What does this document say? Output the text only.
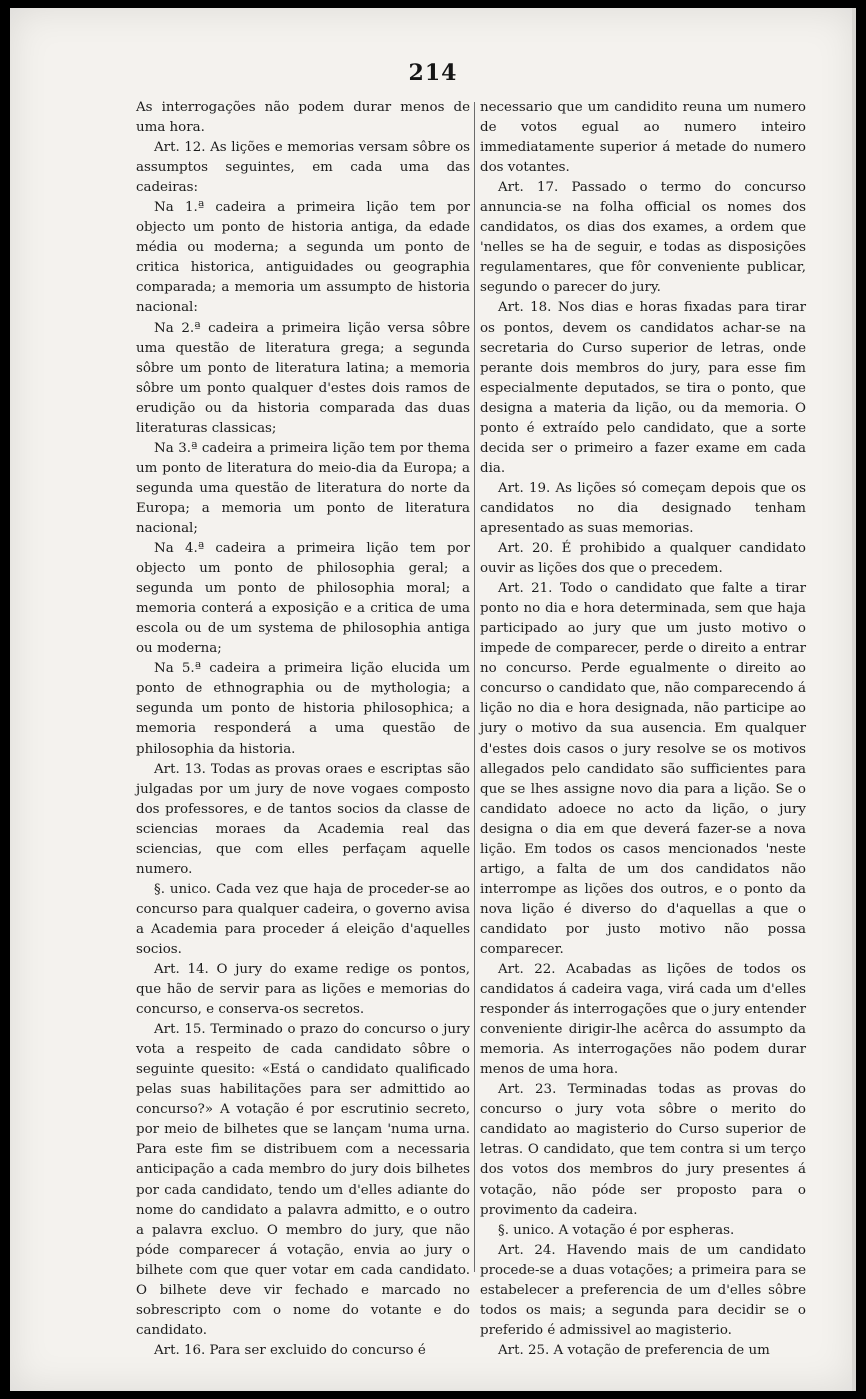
214

As interrogações não podem durar menos de uma hora.

Art. 12. As lições e memorias versam sôbre os assumptos seguintes, em cada uma das cadeiras:

Na 1.ª cadeira a primeira lição tem por objecto um ponto de historia antiga, da edade média ou moderna; a segunda um ponto de critica historica, antiguidades ou geographia comparada; a memoria um assumpto de historia nacional:

Na 2.ª cadeira a primeira lição versa sôbre uma questão de literatura grega; a segunda sôbre um ponto de literatura latina; a memoria sôbre um ponto qualquer d'estes dois ramos de erudição ou da historia comparada das duas literaturas classicas;

Na 3.ª cadeira a primeira lição tem por thema um ponto de literatura do meio-dia da Europa; a segunda uma questão de literatura do norte da Europa; a memoria um ponto de literatura nacional;

Na 4.ª cadeira a primeira lição tem por objecto um ponto de philosophia geral; a segunda um ponto de philosophia moral; a memoria conterá a exposição e a critica de uma escola ou de um systema de philosophia antiga ou moderna;

Na 5.ª cadeira a primeira lição elucida um ponto de ethnographia ou de mythologia; a segunda um ponto de historia philosophica; a memoria responderá a uma questão de philosophia da historia.

Art. 13. Todas as provas oraes e escriptas são julgadas por um jury de nove vogaes composto dos professores, e de tantos socios da classe de sciencias moraes da Academia real das sciencias, que com elles perfaçam aquelle numero.

§. unico. Cada vez que haja de proceder-se ao concurso para qualquer cadeira, o governo avisa a Academia para proceder á eleição d'aquelles socios.

Art. 14. O jury do exame redige os pontos, que hão de servir para as lições e memorias do concurso, e conserva-os secretos.

Art. 15. Terminado o prazo do concurso o jury vota a respeito de cada candidato sôbre o seguinte quesito: «Está o candidato qualificado pelas suas habilitações para ser admittido ao concurso?» A votação é por escrutinio secreto, por meio de bilhetes que se lançam 'numa urna. Para este fim se distribuem com a necessaria anticipação a cada membro do jury dois bilhetes por cada candidato, tendo um d'elles adiante do nome do candidato a palavra admitto, e o outro a palavra excluo. O membro do jury, que não póde comparecer á votação, envia ao jury o bilhete com que quer votar em cada candidato. O bilhete deve vir fechado e marcado no sobrescripto com o nome do votante e do candidato.

Art. 16. Para ser excluido do concurso é

necessario que um candidito reuna um numero de votos egual ao numero inteiro immediatamente superior á metade do numero dos votantes.

Art. 17. Passado o termo do concurso annuncia-se na folha official os nomes dos candidatos, os dias dos exames, a ordem que 'nelles se ha de seguir, e todas as disposições regulamentares, que fôr conveniente publicar, segundo o parecer do jury.

Art. 18. Nos dias e horas fixadas para tirar os pontos, devem os candidatos achar-se na secretaria do Curso superior de letras, onde perante dois membros do jury, para esse fim especialmente deputados, se tira o ponto, que designa a materia da lição, ou da memoria. O ponto é extraído pelo candidato, que a sorte decida ser o primeiro a fazer exame em cada dia.

Art. 19. As lições só começam depois que os candidatos no dia designado tenham apresentado as suas memorias.

Art. 20. É prohibido a qualquer candidato ouvir as lições dos que o precedem.

Art. 21. Todo o candidato que falte a tirar ponto no dia e hora determinada, sem que haja participado ao jury que um justo motivo o impede de comparecer, perde o direito a entrar no concurso. Perde egualmente o direito ao concurso o candidato que, não comparecendo á lição no dia e hora designada, não participe ao jury o motivo da sua ausencia. Em qualquer d'estes dois casos o jury resolve se os motivos allegados pelo candidato são sufficientes para que se lhes assigne novo dia para a lição. Se o candidato adoece no acto da lição, o jury designa o dia em que deverá fazer-se a nova lição. Em todos os casos mencionados 'neste artigo, a falta de um dos candidatos não interrompe as lições dos outros, e o ponto da nova lição é diverso do d'aquellas a que o candidato por justo motivo não possa comparecer.

Art. 22. Acabadas as lições de todos os candidatos á cadeira vaga, virá cada um d'elles responder ás interrogações que o jury entender conveniente dirigir-lhe acêrca do assumpto da memoria. As interrogações não podem durar menos de uma hora.

Art. 23. Terminadas todas as provas do concurso o jury vota sôbre o merito do candidato ao magisterio do Curso superior de letras. O candidato, que tem contra si um terço dos votos dos membros do jury presentes á votação, não póde ser proposto para o provimento da cadeira.

§. unico. A votação é por espheras.

Art. 24. Havendo mais de um candidato procede-se a duas votações; a primeira para se estabelecer a preferencia de um d'elles sôbre todos os mais; a segunda para decidir se o preferido é admissivel ao magisterio.

Art. 25. A votação de preferencia de um
